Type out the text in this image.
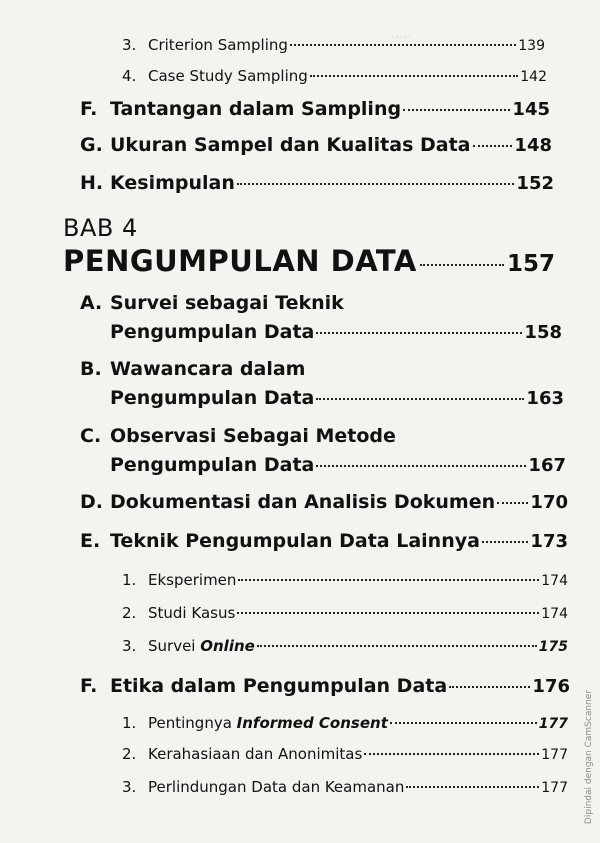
·····
3. Criterion Sampling	139
4. Case Study Sampling	142
F. Tantangan dalam Sampling	145
G. Ukuran Sampel dan Kualitas Data 148
H. Kesimpulan	152
BAB 4
PENGUMPULAN DATA	157
A. Survei sebagai Teknik
Pengumpulan Data	158
B. Wawancara dalam
Pengumpulan Data	163
C. Observasi Sebagai Metode
Pengumpulan Data	167
D. Dokumentasi dan Analisis Dokumen 170
E. Teknik Pengumpulan Data Lainnya	173
1. Eksperimen	174
2. Studi Kasus	174
3. Survei Online	175
F. Etika dalam Pengumpulan Data	176
1. Pentingnya Informed Consent	177
2. Kerahasiaan dan Anonimitas	177
3. Perlindungan Data dan Keamanan	177 Dipindai dengan CamScanner
